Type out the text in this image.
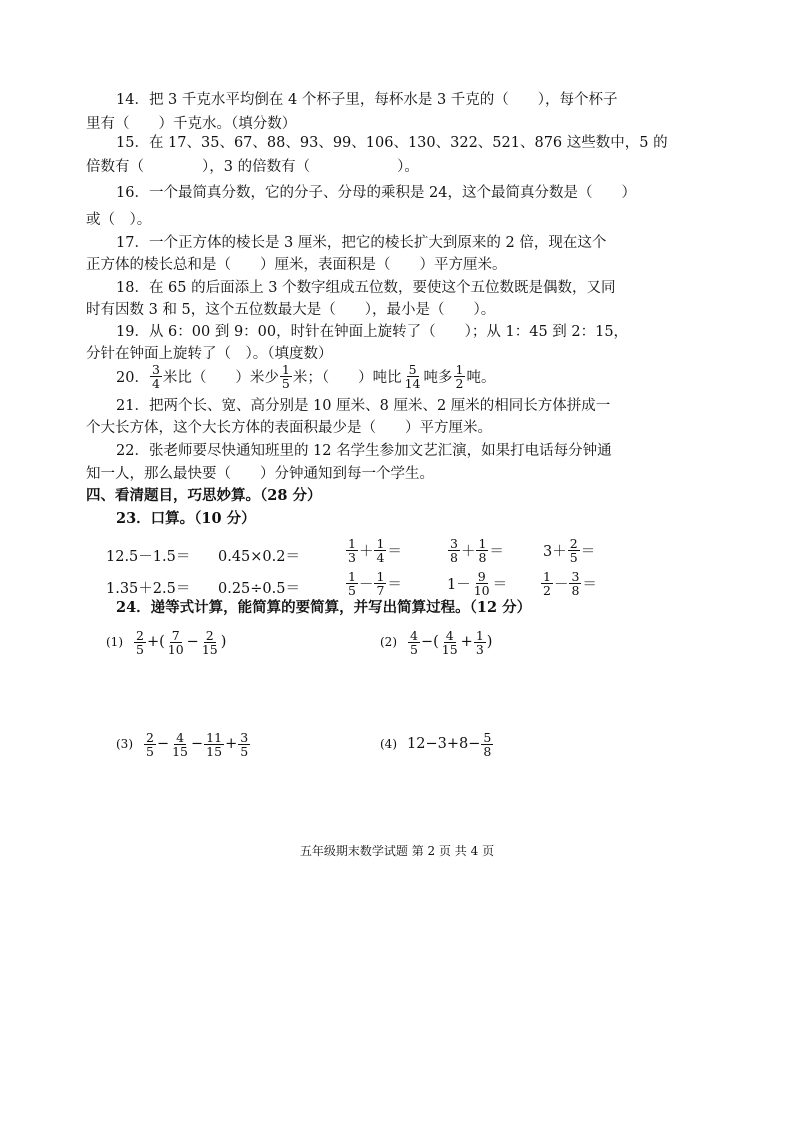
14．把 3 千克水平均倒在 4 个杯子里，每杯水是 3 千克的（　　），每个杯子
里有（　　）千克水。（填分数）
15．在 17、35、67、88、93、99、106、130、322、521、876 这些数中，5 的
倍数有（　　　　），3 的倍数有（　　　　　　）。
16．一个最简真分数，它的分子、分母的乘积是 24，这个最简真分数是（　　）
或（　）。
17．一个正方体的棱长是 3 厘米，把它的棱长扩大到原来的 2 倍，现在这个
正方体的棱长总和是（　　）厘米，表面积是（　　）平方厘米。
18．在 65 的后面添上 3 个数字组成五位数，要使这个五位数既是偶数，又同
时有因数 3 和 5，这个五位数最大是（　　），最小是（　　）。
19．从 6：00 到 9：00，时针在钟面上旋转了（　　）；从 1：45 到 2：15，
分针在钟面上旋转了（　）。（填度数）
20． $\frac{3}{4}$ 米比（　　）米少 $\frac{1}{5}$ 米；（　　）吨比 $\frac{5}{14}$ 吨多 $\frac{1}{2}$ 吨。
21．把两个长、宽、高分别是 10 厘米、8 厘米、2 厘米的相同长方体拼成一
个大长方体，这个大长方体的表面积最少是（　　）平方厘米。
22．张老师要尽快通知班里的 12 名学生参加文艺汇演，如果打电话每分钟通
知一人，那么最快要（　　）分钟通知到每一个学生。
四、看清题目，巧思妙算。（28 分）
23．口算。（10 分）
12.5－1.5＝ 0.45×0.2＝	$\frac{1}{3} + \frac{1}{4}$ ＝	$\frac{3}{8} + \frac{1}{8}$ ＝	$3+ \frac{2}{5}$ ＝
1.35＋2.5＝ 0.25÷0.5＝	$\frac{1}{5} - \frac{1}{7}$ ＝	$1- \frac{9}{10}$ ＝	$\frac{1}{2} - \frac{3}{8}$ ＝
24．递等式计算，能简算的要简算，并写出简算过程。（12 分）
$(1) \frac{2}{5}$ +( $\frac{7}{10} - \frac{2}{15}$ )	$(2) \frac{4}{5}$ −( $\frac{4}{15} + \frac{1}{3}$ )
$(3) \frac{2}{5} - \frac{4}{15} - \frac{11}{15} + \frac{3}{5}$	(4) $12-3+8- \frac{5}{8}$
五年级期末数学试题 第 2 页 共 4 页
